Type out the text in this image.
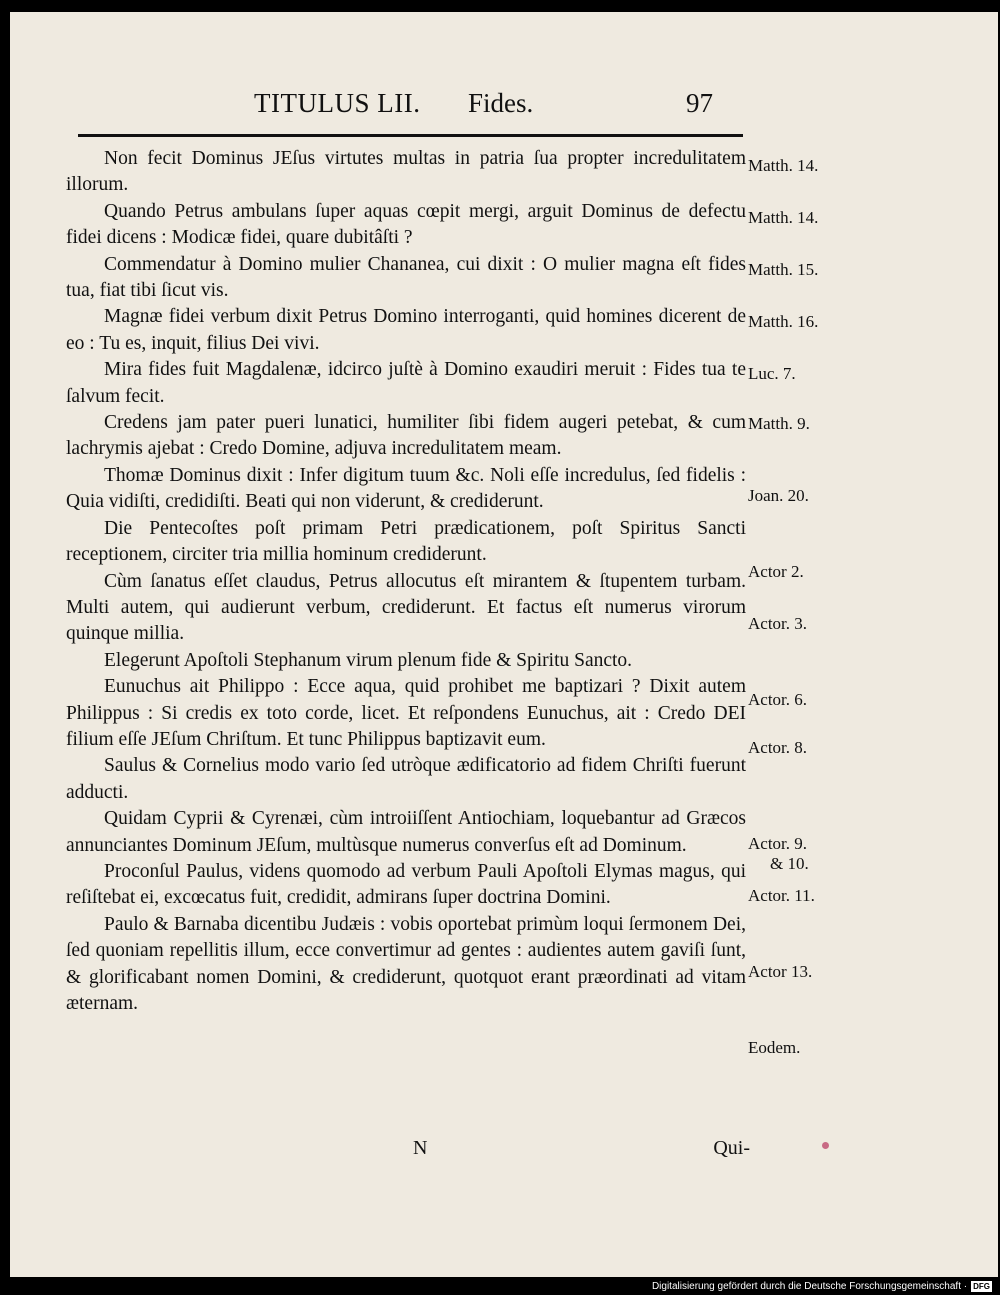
TITULUS LII. Fides.	97

Non fecit Dominus JEſus virtutes multas in patria ſua propter incredulitatem illorum.

Quando Petrus ambulans ſuper aquas cœpit mergi, arguit Dominus de defectu fidei dicens : Modicæ fidei, quare dubitâſti ?

Commendatur à Domino mulier Chananea, cui dixit : O mulier magna eſt fides tua, fiat tibi ſicut vis.

Magnæ fidei verbum dixit Petrus Domino interroganti, quid homines dicerent de eo : Tu es, inquit, filius Dei vivi.

Mira fides fuit Magdalenæ, idcirco juſtè à Domino exaudiri meruit : Fides tua te ſalvum fecit.

Credens jam pater pueri lunatici, humiliter ſibi fidem augeri petebat, & cum lachrymis ajebat : Credo Domine, adjuva incredulitatem meam.

Thomæ Dominus dixit : Infer digitum tuum &c. Noli eſſe incredulus, ſed fidelis : Quia vidiſti, credidiſti. Beati qui non viderunt, & crediderunt.

Die Pentecoſtes poſt primam Petri prædicationem, poſt Spiritus Sancti receptionem, circiter tria millia hominum crediderunt.

Cùm ſanatus eſſet claudus, Petrus allocutus eſt mirantem & ſtupentem turbam. Multi autem, qui audierunt verbum, crediderunt. Et factus eſt numerus virorum quinque millia.

Elegerunt Apoſtoli Stephanum virum plenum fide & Spiritu Sancto.

Eunuchus ait Philippo : Ecce aqua, quid prohibet me baptizari ? Dixit autem Philippus : Si credis ex toto corde, licet. Et reſpondens Eunuchus, ait : Credo DEI filium eſſe JEſum Chriſtum. Et tunc Philippus baptizavit eum.

Saulus & Cornelius modo vario ſed utròque ædificatorio ad fidem Chriſti fuerunt adducti.

Quidam Cyprii & Cyrenæi, cùm introiiſſent Antiochiam, loquebantur ad Græcos annunciantes Dominum JEſum, multùsque numerus converſus eſt ad Dominum.

Proconſul Paulus, videns quomodo ad verbum Pauli Apoſtoli Elymas magus, qui reſiſtebat ei, excœcatus fuit, credidit, admirans ſuper doctrina Domini.

Paulo & Barnaba dicentibu Judæis : vobis oportebat primùm loqui ſermonem Dei, ſed quoniam repellitis illum, ecce convertimur ad gentes : audientes autem gaviſi ſunt, & glorificabant nomen Domini, & crediderunt, quotquot erant præordinati ad vitam æternam.

Matth. 14.
Matth. 14.
Matth. 15.
Matth. 16.
Luc. 7.
Matth. 9.
Joan. 20.
Actor 2.
Actor. 3.
Actor. 6.
Actor. 8.
Actor. 9.
& 10.
Actor. 11.
Actor 13.
Eodem.
N	Qui-
Digitalisierung gefördert durch die Deutsche Forschungsgemeinschaft · DFG
